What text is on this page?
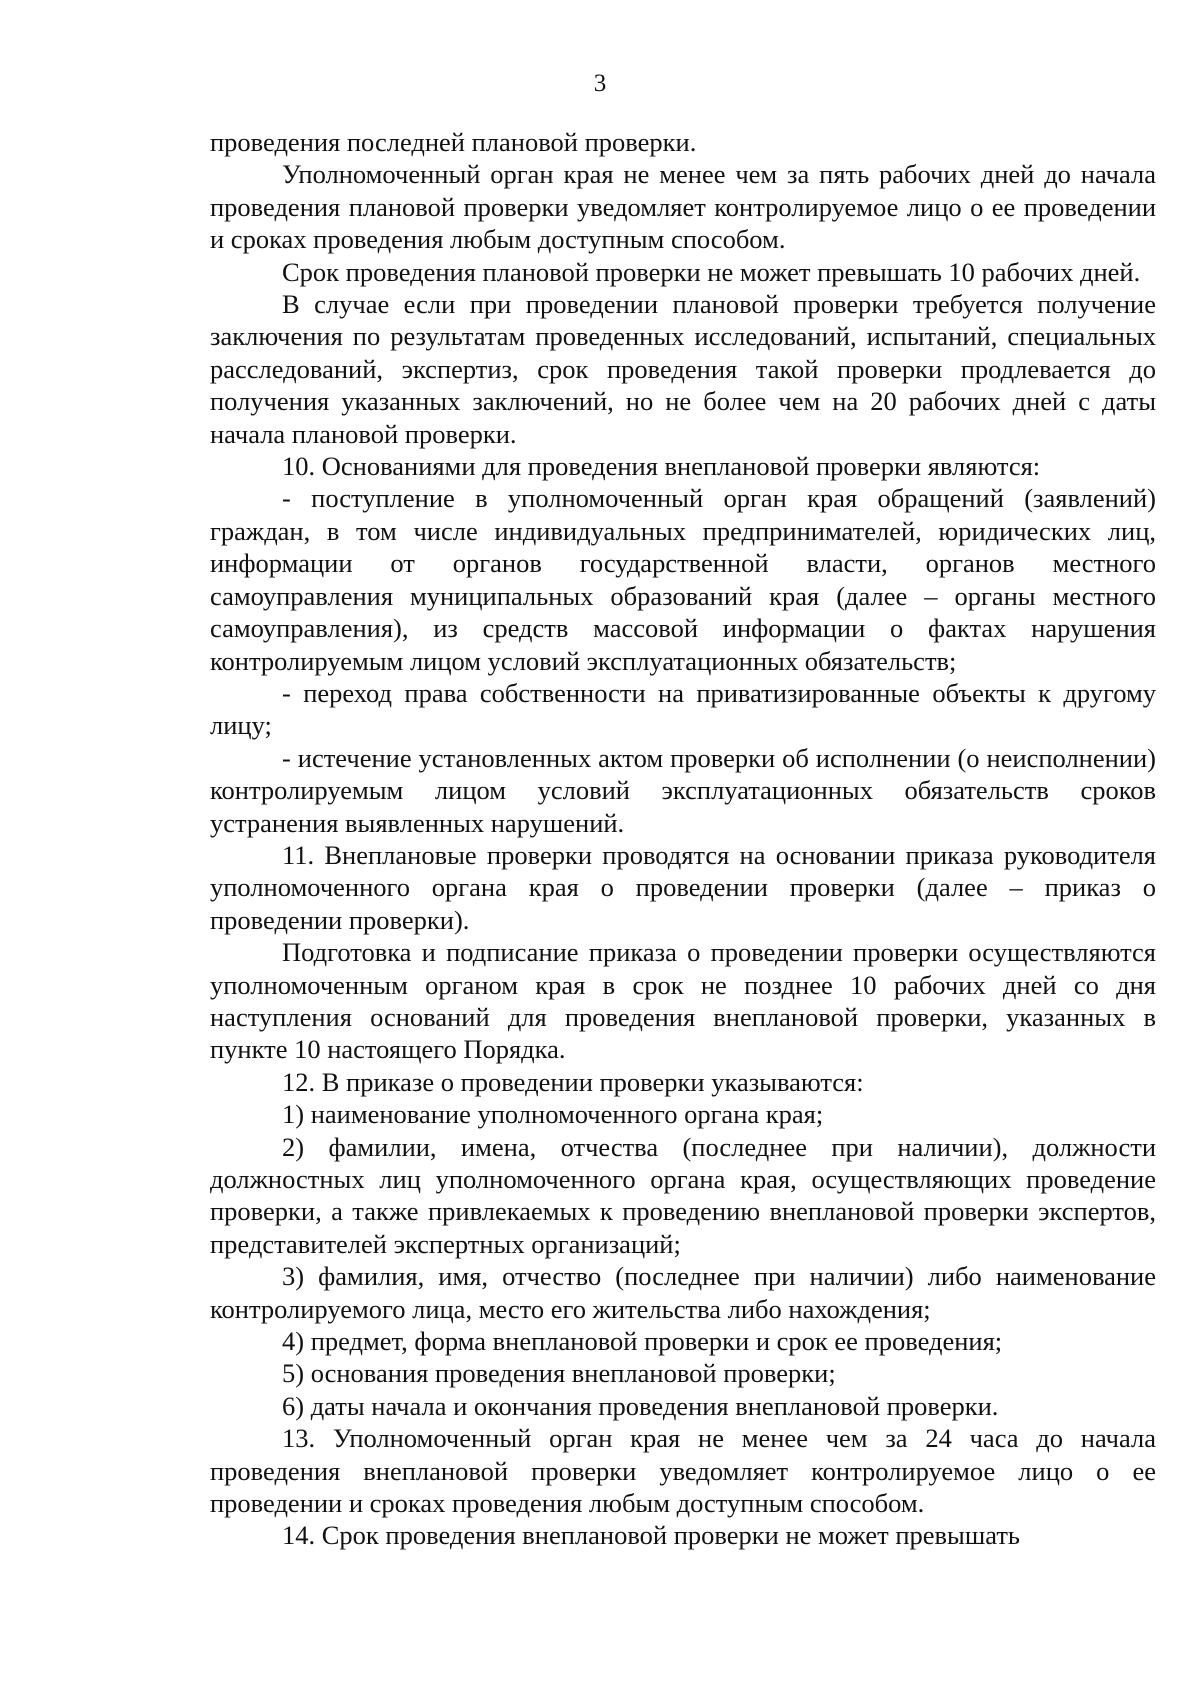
3

проведения последней плановой проверки.

Уполномоченный орган края не менее чем за пять рабочих дней до начала проведения плановой проверки уведомляет контролируемое лицо о ее проведении и сроках проведения любым доступным способом.

Срок проведения плановой проверки не может превышать 10 рабочих дней.

В случае если при проведении плановой проверки требуется получение заключения по результатам проведенных исследований, испытаний, специальных расследований, экспертиз, срок проведения такой проверки продлевается до получения указанных заключений, но не более чем на 20 рабочих дней с даты начала плановой проверки.

10. Основаниями для проведения внеплановой проверки являются:

- поступление в уполномоченный орган края обращений (заявлений) граждан, в том числе индивидуальных предпринимателей, юридических лиц, информации от органов государственной власти, органов местного самоуправления муниципальных образований края (далее – органы местного самоуправления), из средств массовой информации о фактах нарушения контролируемым лицом условий эксплуатационных обязательств;

- переход права собственности на приватизированные объекты к другому лицу;

- истечение установленных актом проверки об исполнении (о неисполнении) контролируемым лицом условий эксплуатационных обязательств сроков устранения выявленных нарушений.

11. Внеплановые проверки проводятся на основании приказа руководителя уполномоченного органа края о проведении проверки (далее – приказ о проведении проверки).

Подготовка и подписание приказа о проведении проверки осуществляются уполномоченным органом края в срок не позднее 10 рабочих дней со дня наступления оснований для проведения внеплановой проверки, указанных в пункте 10 настоящего Порядка.

12. В приказе о проведении проверки указываются:

1) наименование уполномоченного органа края;

2) фамилии, имена, отчества (последнее при наличии), должности должностных лиц уполномоченного органа края, осуществляющих проведение проверки, а также привлекаемых к проведению внеплановой проверки экспертов, представителей экспертных организаций;

3) фамилия, имя, отчество (последнее при наличии) либо наименование контролируемого лица, место его жительства либо нахождения;

4) предмет, форма внеплановой проверки и срок ее проведения;

5) основания проведения внеплановой проверки;

6) даты начала и окончания проведения внеплановой проверки.

13. Уполномоченный орган края не менее чем за 24 часа до начала проведения внеплановой проверки уведомляет контролируемое лицо о ее проведении и сроках проведения любым доступным способом.

14. Срок проведения внеплановой проверки не может превышать
